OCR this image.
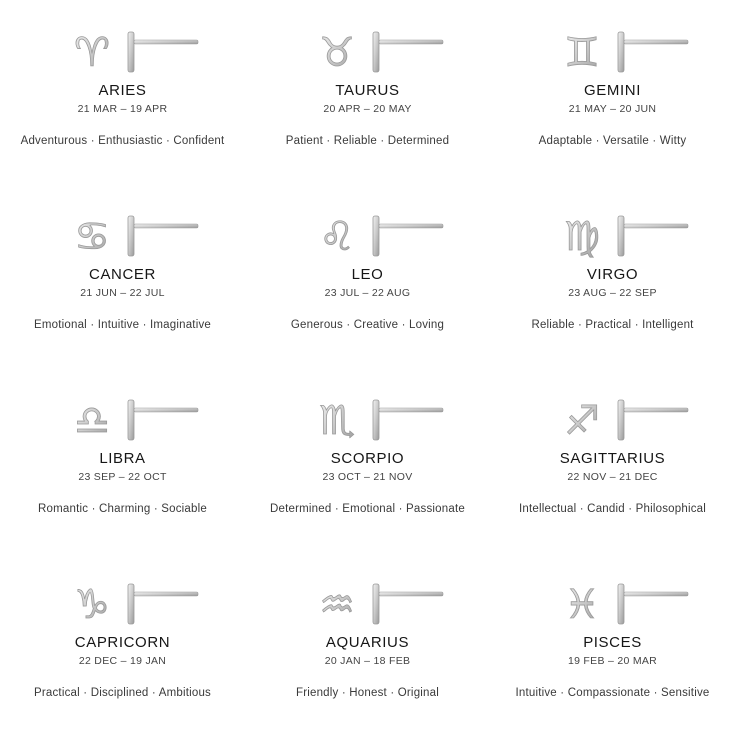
♈
ARIES
21 MAR – 19 APR
Adventurous · Enthusiastic · Confident
♉
TAURUS
20 APR – 20 MAY
Patient · Reliable · Determined
♊
GEMINI
21 MAY – 20 JUN
Adaptable · Versatile · Witty
♋
CANCER
21 JUN – 22 JUL
Emotional · Intuitive · Imaginative
♌
LEO
23 JUL – 22 AUG
Generous · Creative · Loving
♍
VIRGO
23 AUG – 22 SEP
Reliable · Practical · Intelligent
♎
LIBRA
23 SEP – 22 OCT
Romantic · Charming · Sociable
♏
SCORPIO
23 OCT – 21 NOV
Determined · Emotional · Passionate
♐
SAGITTARIUS
22 NOV – 21 DEC
Intellectual · Candid · Philosophical
♑
CAPRICORN
22 DEC – 19 JAN
Practical · Disciplined · Ambitious
♒
AQUARIUS
20 JAN – 18 FEB
Friendly · Honest · Original
♓
PISCES
19 FEB – 20 MAR
Intuitive · Compassionate · Sensitive
